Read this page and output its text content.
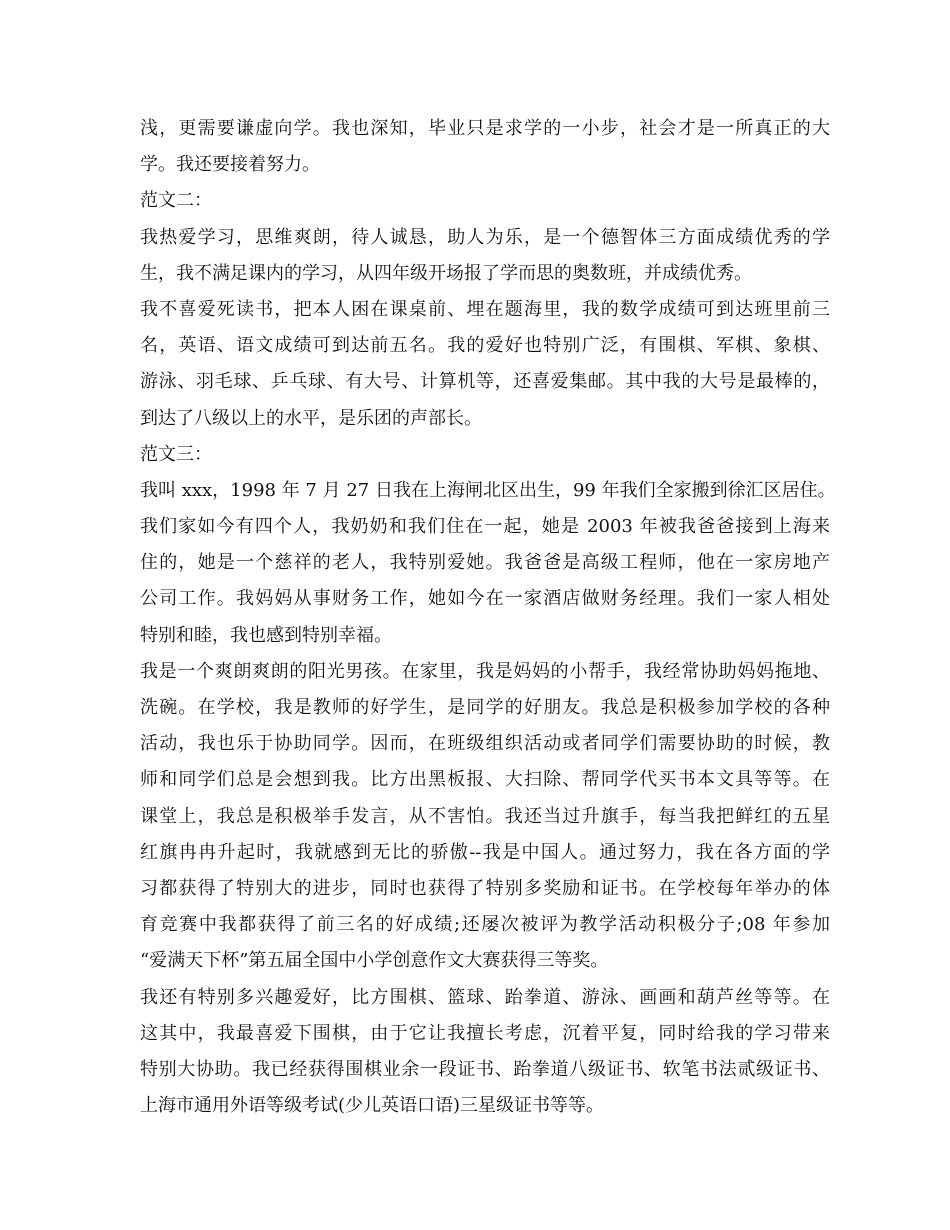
浅，更需要谦虚向学。我也深知，毕业只是求学的一小步，社会才是一所真正的大
学。我还要接着努力。
范文二：
我热爱学习，思维爽朗，待人诚恳，助人为乐，是一个德智体三方面成绩优秀的学
生，我不满足课内的学习，从四年级开场报了学而思的奥数班，并成绩优秀。
我不喜爱死读书，把本人困在课桌前、埋在题海里，我的数学成绩可到达班里前三
名，英语、语文成绩可到达前五名。我的爱好也特别广泛，有围棋、军棋、象棋、
游泳、羽毛球、乒乓球、有大号、计算机等，还喜爱集邮。其中我的大号是最棒的，
到达了八级以上的水平，是乐团的声部长。
范文三：
我叫 xxx，1998 年 7 月 27 日我在上海闸北区出生，99 年我们全家搬到徐汇区居住。
我们家如今有四个人，我奶奶和我们住在一起，她是 2003 年被我爸爸接到上海来
住的，她是一个慈祥的老人，我特别爱她。我爸爸是高级工程师，他在一家房地产
公司工作。我妈妈从事财务工作，她如今在一家酒店做财务经理。我们一家人相处
特别和睦，我也感到特别幸福。
我是一个爽朗爽朗的阳光男孩。在家里，我是妈妈的小帮手，我经常协助妈妈拖地、
洗碗。在学校，我是教师的好学生，是同学的好朋友。我总是积极参加学校的各种
活动，我也乐于协助同学。因而，在班级组织活动或者同学们需要协助的时候，教
师和同学们总是会想到我。比方出黑板报、大扫除、帮同学代买书本文具等等。在
课堂上，我总是积极举手发言，从不害怕。我还当过升旗手，每当我把鲜红的五星
红旗冉冉升起时，我就感到无比的骄傲--我是中国人。通过努力，我在各方面的学
习都获得了特别大的进步，同时也获得了特别多奖励和证书。在学校每年举办的体
育竞赛中我都获得了前三名的好成绩;还屡次被评为教学活动积极分子;08 年参加
“爱满天下杯”第五届全国中小学创意作文大赛获得三等奖。
我还有特别多兴趣爱好，比方围棋、篮球、跆拳道、游泳、画画和葫芦丝等等。在
这其中，我最喜爱下围棋，由于它让我擅长考虑，沉着平复，同时给我的学习带来
特别大协助。我已经获得围棋业余一段证书、跆拳道八级证书、软笔书法贰级证书、
上海市通用外语等级考试(少儿英语口语)三星级证书等等。
